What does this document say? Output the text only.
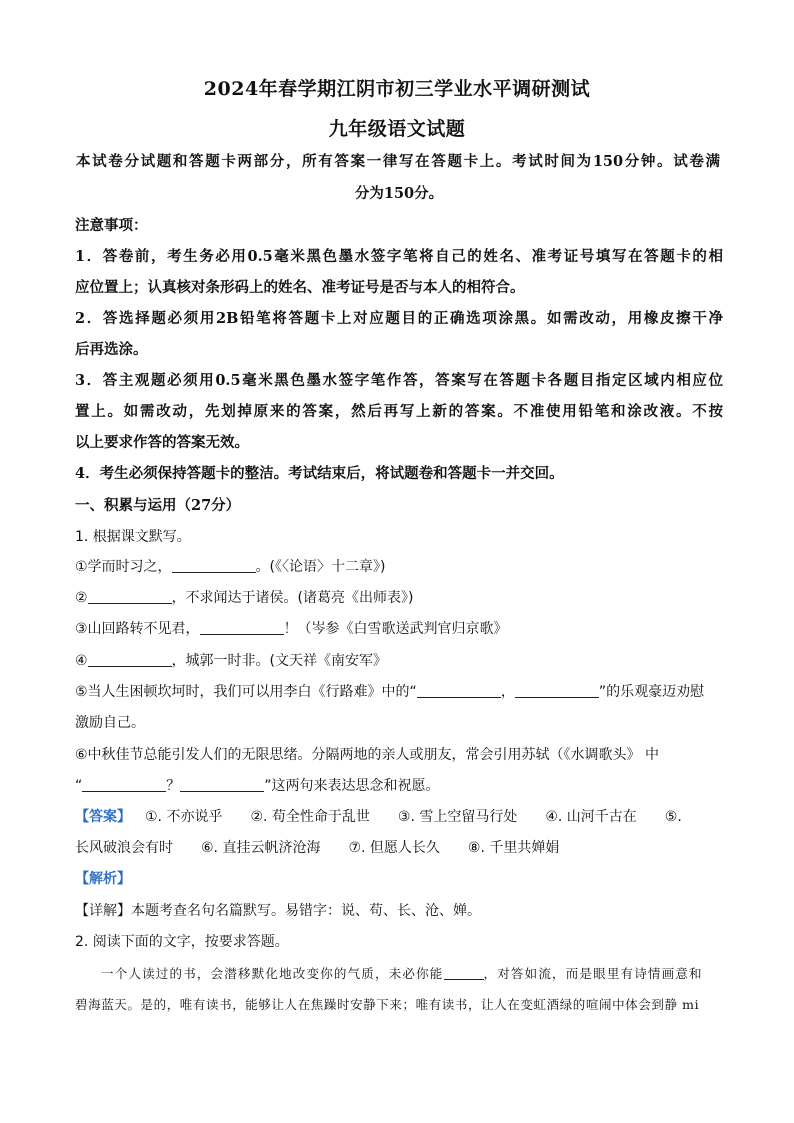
2024年春学期江阴市初三学业水平调研测试
九年级语文试题
本试卷分试题和答题卡两部分，所有答案一律写在答题卡上。考试时间为150分钟。试卷满
分为150分。
注意事项：
1．答卷前，考生务必用0.5毫米黑色墨水签字笔将自己的姓名、准考证号填写在答题卡的相
应位置上；认真核对条形码上的姓名、准考证号是否与本人的相符合。
2．答选择题必须用2B铅笔将答题卡上对应题目的正确选项涂黑。如需改动，用橡皮擦干净
后再选涂。
3．答主观题必须用0.5毫米黑色墨水签字笔作答，答案写在答题卡各题目指定区域内相应位
置上。如需改动，先划掉原来的答案，然后再写上新的答案。不准使用铅笔和涂改液。不按
以上要求作答的答案无效。
4．考生必须保持答题卡的整洁。考试结束后，将试题卷和答题卡一并交回。
一、积累与运用（27分）
1. 根据课文默写。
①学而时习之，	。(《〈论语〉十二章》)
②	，不求闻达于诸侯。(诸葛亮《出师表》)
③山回路转不见君，	！（岑参《白雪歌送武判官归京歌》
④	，城郭一时非。(文天祥《南安军》
⑤当人生困顿坎坷时，我们可以用李白《行路难》中的“	，	”的乐观豪迈劝慰
激励自己。
⑥中秋佳节总能引发人们的无限思绪。分隔两地的亲人或朋友，常会引用苏轼（《水调歌头》 中
“	？	”这两句来表达思念和祝愿。
【答案】 ①. 不亦说乎　　②. 苟全性命于乱世　　③. 雪上空留马行处　　④. 山河千古在　　⑤.
长风破浪会有时　　⑥. 直挂云帆济沧海　　⑦. 但愿人长久　　⑧. 千里共婵娟
【解析】
【详解】本题考查名句名篇默写。易错字：说、苟、长、沧、婵。
2. 阅读下面的文字，按要求答题。
一个人读过的书，会潜移默化地改变你的气质，未必你能	，对答如流，而是眼里有诗情画意和
碧海蓝天。是的，唯有读书，能够让人在焦躁时安静下来；唯有读书，让人在变虹酒绿的喧闹中体会到静 mi
